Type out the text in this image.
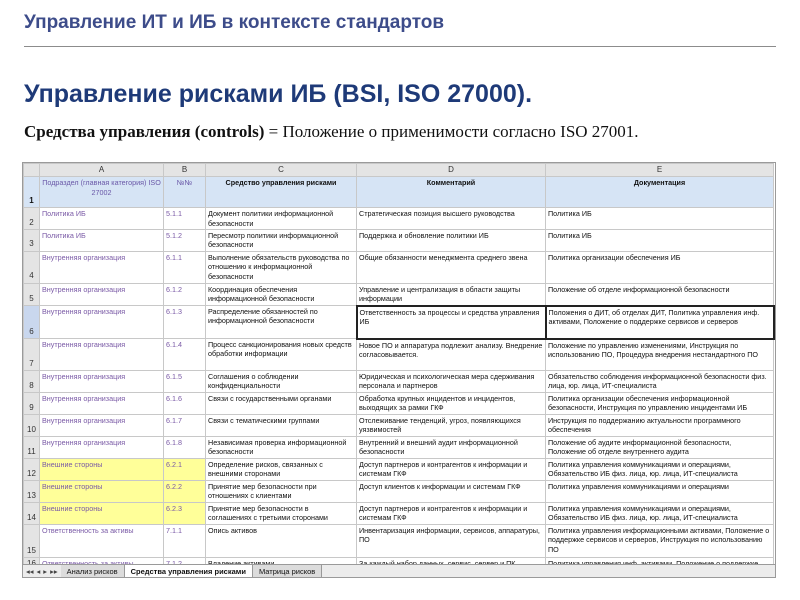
Управление ИТ и ИБ в контексте стандартов
Управление рисками ИБ (BSI, ISO 27000).
Средства управления (controls) = Положение о применимости согласно ISO 27001.
	A	B	C	D	E
1	Подраздел (главная категория) ISO 27002	№№	Средство управления рисками	Комментарий	Документация
2	Политика ИБ	5.1.1	Документ политики информационной безопасности	Стратегическая позиция высшего руководства	Политика ИБ
3	Политика ИБ	5.1.2	Пересмотр политики информационной безопасности	Поддержка и обновление политики ИБ	Политика ИБ
4	Внутренняя организация	6.1.1	Выполнение обязательств руководства по отношению к информационной безопасности	Общие обязанности менеджмента среднего звена	Политика организации обеспечения ИБ
5	Внутренняя организация	6.1.2	Координация обеспечения информационной безопасности	Управление и централизация в области защиты информации	Положение об отделе информационной безопасности
6	Внутренняя организация	6.1.3	Распределение обязанностей по информационной безопасности	Ответственность за процессы и средства управления ИБ	Положения о ДИТ, об отделах ДИТ, Политика управления инф. активами, Положение о поддержке сервисов и серверов
7	Внутренняя организация	6.1.4	Процесс санкционирования новых средств обработки информации	Новое ПО и аппаратура подлежит анализу. Внедрение согласовывается.	Положение по управлению изменениями, Инструкция по использованию ПО, Процедура внедрения нестандартного ПО
8	Внутренняя организация	6.1.5	Соглашения о соблюдении конфиденциальности	Юридическая и психологическая мера сдерживания персонала и партнеров	Обязательство соблюдения информационной безопасности физ. лица, юр. лица, ИТ-специалиста
9	Внутренняя организация	6.1.6	Связи с государственными органами	Обработка крупных инцидентов и инцидентов, выходящих за рамки ГКФ	Политика организации обеспечения информационной безопасности, Инструкция по управлению инцидентами ИБ
10	Внутренняя организация	6.1.7	Связи с тематическими группами	Отслеживание тенденций, угроз, появляющихся уязвимостей	Инструкция по поддержанию актуальности программного обеспечения
11	Внутренняя организация	6.1.8	Независимая проверка информационной безопасности	Внутренний и внешний аудит информационной безопасности	Положение об аудите информационной безопасности, Положение об отделе внутреннего аудита
12	Внешние стороны	6.2.1	Определение рисков, связанных с внешними сторонами	Доступ партнеров и контрагентов к информации и системам ГКФ	Политика управления коммуникациями и операциями, Обязательство ИБ физ. лица, юр. лица, ИТ-специалиста
13	Внешние стороны	6.2.2	Принятие мер безопасности при отношениях с клиентами	Доступ клиентов к информации и системам ГКФ	Политика управления коммуникациями и операциями
14	Внешние стороны	6.2.3	Принятие мер безопасности в соглашениях с третьими сторонами	Доступ партнеров и контрагентов к информации и системам ГКФ	Политика управления коммуникациями и операциями, Обязательство ИБ физ. лица, юр. лица, ИТ-специалиста
15	Ответственность за активы	7.1.1	Опись активов	Инвентаризация информации, сервисов, аппаратуры, ПО	Политика управления информационными активами, Положение о поддержке сервисов и серверов, Инструкция по использованию ПО

◂◂ ◂ ▸ ▸▸	Анализ рисков	Средства управления рисками	Матрица рисков
